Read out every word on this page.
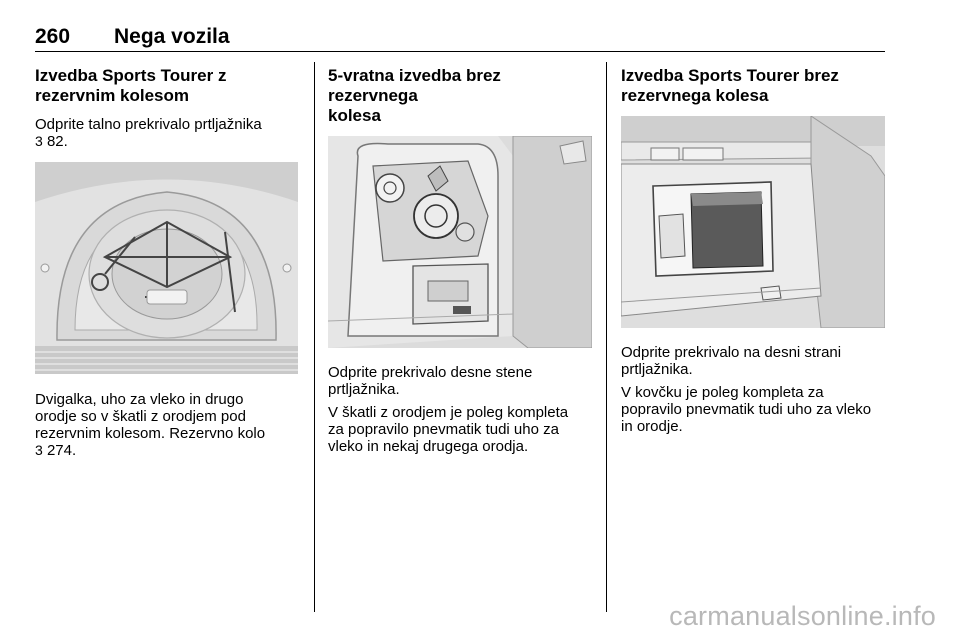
260 Nega vozila
Izvedba Sports Tourer z
rezervnim kolesom

Odprite talno prekrivalo prtljažnika
3 82.

Dvigalka, uho za vleko in drugo
orodje so v škatli z orodjem pod
rezervnim kolesom. Rezervno kolo
3 274.

5-vratna izvedba brez rezervnega
kolesa

Odprite prekrivalo desne stene
prtljažnika.

V škatli z orodjem je poleg kompleta
za popravilo pnevmatik tudi uho za
vleko in nekaj drugega orodja.

Izvedba Sports Tourer brez
rezervnega kolesa

Odprite prekrivalo na desni strani
prtljažnika.

V kovčku je poleg kompleta za
popravilo pnevmatik tudi uho za vleko
in orodje.

carmanualsonline.info
